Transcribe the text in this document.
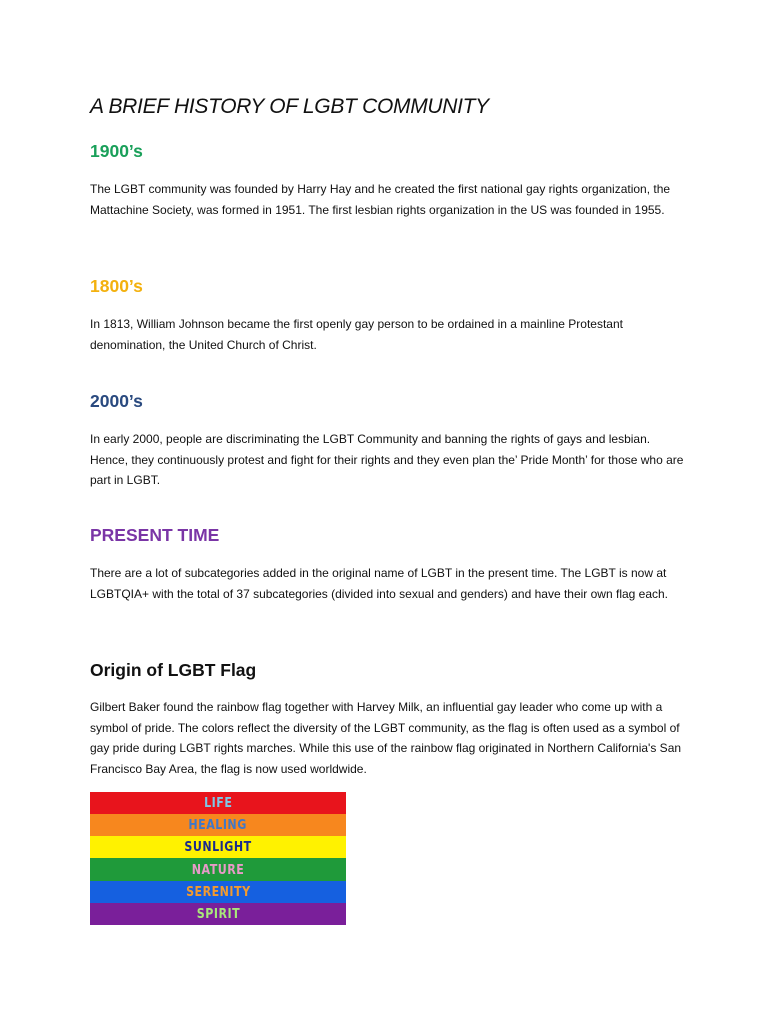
A BRIEF HISTORY OF LGBT COMMUNITY
1900’s
The LGBT community was founded by Harry Hay and he created the first national gay rights organization, the Mattachine Society, was formed in 1951. The first lesbian rights organization in the US was founded in 1955.
1800’s
In 1813, William Johnson became the first openly gay person to be ordained in a mainline Protestant denomination, the United Church of Christ.
2000’s
In early 2000, people are discriminating the LGBT Community and banning the rights of gays and lesbian. Hence, they continuously protest and fight for their rights and they even plan the’ Pride Month’ for those who are part in LGBT.
PRESENT TIME
There are a lot of subcategories added in the original name of LGBT in the present time. The LGBT is now at LGBTQIA+ with the total of 37 subcategories (divided into sexual and genders) and have their own flag each.
Origin of LGBT Flag
Gilbert Baker found the rainbow flag together with Harvey Milk, an influential gay leader who come up with a symbol of pride. The colors reflect the diversity of the LGBT community, as the flag is often used as a symbol of gay pride during LGBT rights marches. While this use of the rainbow flag originated in Northern California's San Francisco Bay Area, the flag is now used worldwide.
LIFE
HEALING
SUNLIGHT
NATURE
SERENITY
SPIRIT
